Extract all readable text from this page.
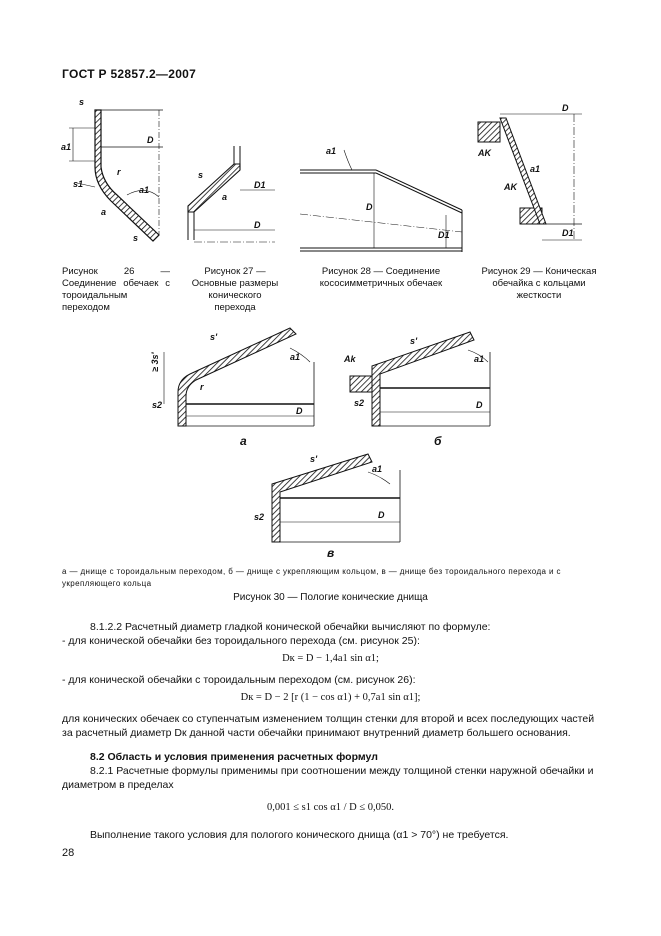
ГОСТ Р 52857.2—2007
s
a1
D
s1
r
a1
a
s
Рисунок 26 — Соединение обечаек с тороидальным переходом
s
a
D1
D
Рисунок 27 — Основные размеры конического перехода
a1
D
D1
Рисунок 28 — Соединение кососимметричных обечаек
D
AK
a1
AK
D1
Рисунок 29 — Коническая обечайка с кольцами жесткости
s'
a1
≥ 3s'
r
s2
D
а
s'
a1
Ak
s2	D
б
s'
a1
s2	D
в
а — днище с тороидальным переходом, б — днище с укрепляющим кольцом, в — днище без тороидального перехода и с укрепляющего кольца
Рисунок 30 — Пологие конические днища
8.1.2.2 Расчетный диаметр гладкой конической обечайки вычисляют по формуле:
- для конической обечайки без тороидального перехода (см. рисунок 25):
Dк = D − 1,4a1 sin α1;
- для конической обечайки с тороидальным переходом (см. рисунок 26):
Dк = D − 2 [r (1 − cos α1) + 0,7a1 sin α1];
для конических обечаек со ступенчатым изменением толщин стенки для второй и всех последующих частей за расчетный диаметр Dк данной части обечайки принимают внутренний диаметр большего основания.
8.2 Область и условия применения расчетных формул
8.2.1 Расчетные формулы применимы при соотношении между толщиной стенки наружной обечайки и диаметром в пределах
0,001 ≤ s1 cos α1 / D ≤ 0,050.
Выполнение такого условия для пологого конического днища (α1 > 70°) не требуется.
28
